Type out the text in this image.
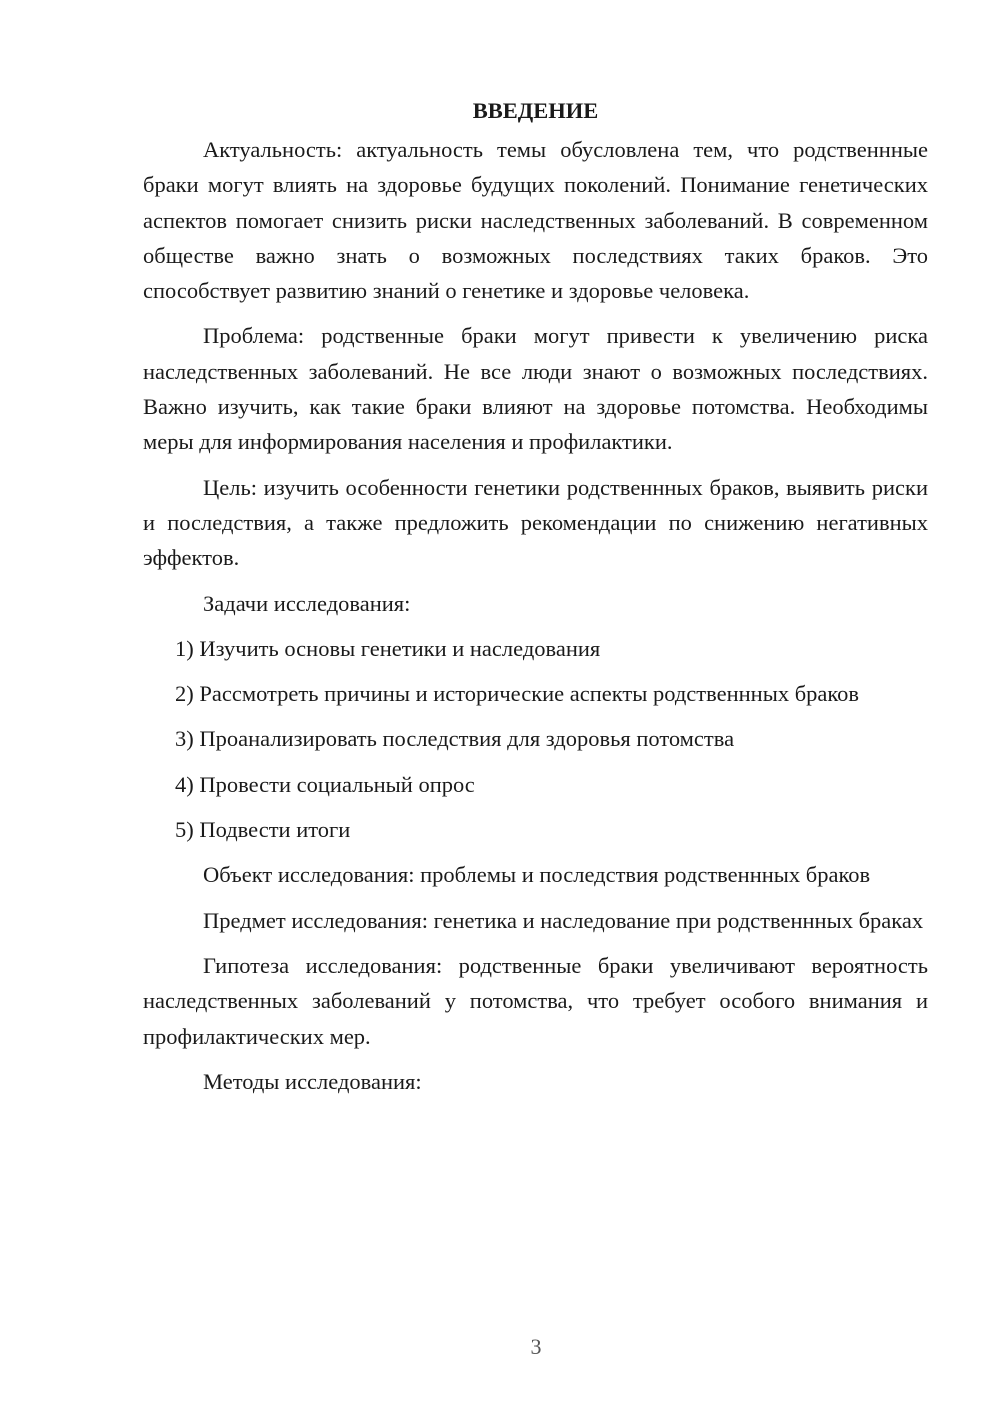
ВВЕДЕНИЕ

Актуальность: актуальность темы обусловлена тем, что родственнные браки могут влиять на здоровье будущих поколений. Понимание генетических аспектов помогает снизить риски наследственных заболеваний. В современном обществе важно знать о возможных последствиях таких браков. Это способствует развитию знаний о генетике и здоровье человека.

Проблема: родственные браки могут привести к увеличению риска наследственных заболеваний. Не все люди знают о возможных последствиях. Важно изучить, как такие браки влияют на здоровье потомства. Необходимы меры для информирования населения и профилактики.

Цель: изучить особенности генетики родственнных браков, выявить риски и последствия, а также предложить рекомендации по снижению негативных эффектов.

Задачи исследования:

1) Изучить основы генетики и наследования

2) Рассмотреть причины и исторические аспекты родственнных браков

3) Проанализировать последствия для здоровья потомства

4) Провести социальный опрос

5) Подвести итоги

Объект исследования: проблемы и последствия родственнных браков

Предмет исследования: генетика и наследование при родственнных браках

Гипотеза исследования: родственные браки увеличивают вероятность наследственных заболеваний у потомства, что требует особого внимания и профилактических мер.

Методы исследования:

3
